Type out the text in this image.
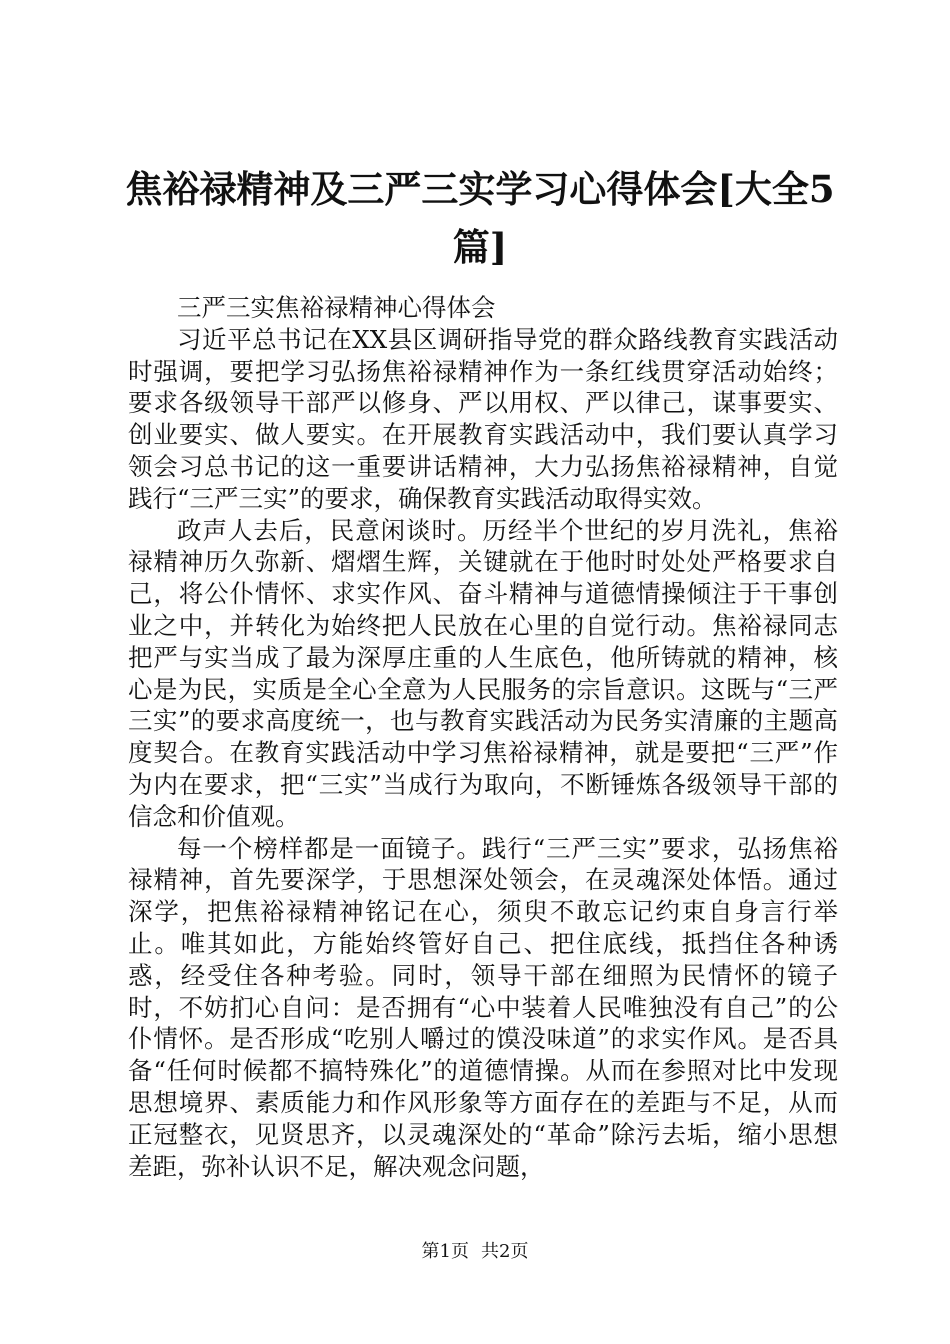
焦裕禄精神及三严三实学习心得体会[大全5篇]

三严三实焦裕禄精神心得体会

习近平总书记在XX县区调研指导党的群众路线教育实践活动时强调，要把学习弘扬焦裕禄精神作为一条红线贯穿活动始终；要求各级领导干部严以修身、严以用权、严以律己，谋事要实、创业要实、做人要实。在开展教育实践活动中，我们要认真学习领会习总书记的这一重要讲话精神，大力弘扬焦裕禄精神，自觉践行“三严三实”的要求，确保教育实践活动取得实效。

政声人去后，民意闲谈时。历经半个世纪的岁月洗礼，焦裕禄精神历久弥新、熠熠生辉，关键就在于他时时处处严格要求自己，将公仆情怀、求实作风、奋斗精神与道德情操倾注于干事创业之中，并转化为始终把人民放在心里的自觉行动。焦裕禄同志把严与实当成了最为深厚庄重的人生底色，他所铸就的精神，核心是为民，实质是全心全意为人民服务的宗旨意识。这既与“三严三实”的要求高度统一，也与教育实践活动为民务实清廉的主题高度契合。在教育实践活动中学习焦裕禄精神，就是要把“三严”作为内在要求，把“三实”当成行为取向，不断锤炼各级领导干部的信念和价值观。

每一个榜样都是一面镜子。践行“三严三实”要求，弘扬焦裕禄精神，首先要深学，于思想深处领会，在灵魂深处体悟。通过深学，把焦裕禄精神铭记在心，须臾不敢忘记约束自身言行举止。唯其如此，方能始终管好自己、把住底线，抵挡住各种诱惑，经受住各种考验。同时，领导干部在细照为民情怀的镜子时，不妨扪心自问：是否拥有“心中装着人民唯独没有自己”的公仆情怀。是否形成“吃别人嚼过的馍没味道”的求实作风。是否具备“任何时候都不搞特殊化”的道德情操。从而在参照对比中发现思想境界、素质能力和作风形象等方面存在的差距与不足，从而正冠整衣，见贤思齐，以灵魂深处的“革命”除污去垢，缩小思想差距，弥补认识不足，解决观念问题，

第1页 共2页
